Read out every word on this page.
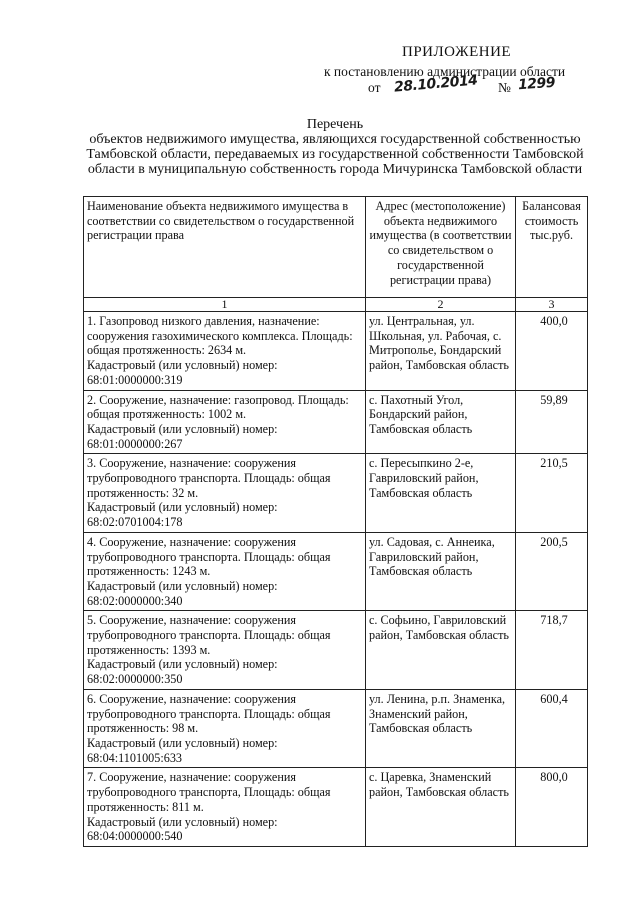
ПРИЛОЖЕНИЕ
к постановлению администрации области
от 28.10.2014 № 1299
Перечень
объектов недвижимого имущества, являющихся государственной собственностью Тамбовской области, передаваемых из государственной собственности Тамбовской области в муниципальную собственность города Мичуринска Тамбовской области
Наименование объекта недвижимого имущества в соответствии со свидетельством о государственной регистрации права	Адрес (местоположение) объекта недвижимого имущества (в соответствии со свидетельством о государственной регистрации права)	Балансовая стоимость тыс.руб.
1	2	3

1. Газопровод низкого давления, назначение:
сооружения газохимического комплекса. Площадь: общая протяженность: 2634 м.
Кадастровый (или условный) номер:
68:01:0000000:319	ул. Центральная, ул. Школьная, ул. Рабочая, с. Митрополье, Бондарский район, Тамбовская область	400,0

2. Сооружение, назначение: газопровод. Площадь: общая протяженность: 1002 м.
Кадастровый (или условный) номер:
68:01:0000000:267	с. Пахотный Угол, Бондарский район, Тамбовская область	59,89

3. Сооружение, назначение: сооружения трубопроводного транспорта. Площадь: общая протяженность: 32 м.
Кадастровый (или условный) номер:
68:02:0701004:178	с. Пересыпкино 2-е, Гавриловский район, Тамбовская область	210,5

4. Сооружение, назначение: сооружения трубопроводного транспорта. Площадь: общая протяженность: 1243 м.
Кадастровый (или условный) номер:
68:02:0000000:340	ул. Садовая, с. Аннеика, Гавриловский район, Тамбовская область	200,5

5. Сооружение, назначение: сооружения трубопроводного транспорта. Площадь: общая протяженность: 1393 м.
Кадастровый (или условный) номер:
68:02:0000000:350	с. Софьино, Гавриловский район, Тамбовская область	718,7

6. Сооружение, назначение: сооружения трубопроводного транспорта. Площадь: общая протяженность: 98 м.
Кадастровый (или условный) номер:
68:04:1101005:633	ул. Ленина, р.п. Знаменка, Знаменский район, Тамбовская область	600,4

7. Сооружение, назначение: сооружения трубопроводного транспорта, Площадь: общая протяженность: 811 м.
Кадастровый (или условный) номер:
68:04:0000000:540	с. Царевка, Знаменский район, Тамбовская область	800,0
